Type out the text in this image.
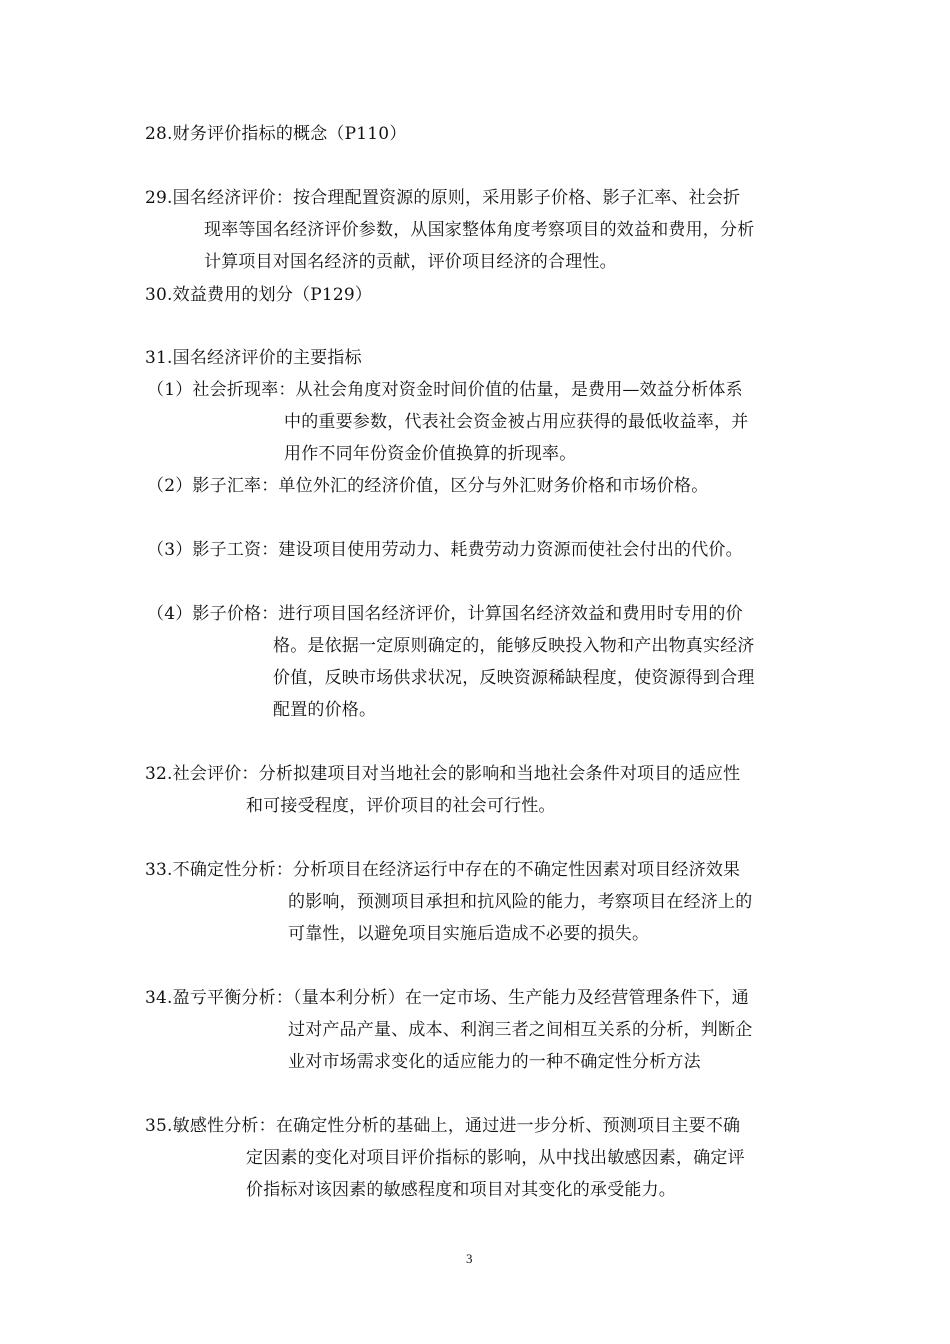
28.财务评价指标的概念（P110）
29.国名经济评价：按合理配置资源的原则，采用影子价格、影子汇率、社会折
现率等国名经济评价参数，从国家整体角度考察项目的效益和费用，分析
计算项目对国名经济的贡献，评价项目经济的合理性。
30.效益费用的划分（P129）
31.国名经济评价的主要指标
（1）社会折现率：从社会角度对资金时间价值的估量，是费用—效益分析体系
中的重要参数，代表社会资金被占用应获得的最低收益率，并
用作不同年份资金价值换算的折现率。
（2）影子汇率：单位外汇的经济价值，区分与外汇财务价格和市场价格。
（3）影子工资：建设项目使用劳动力、耗费劳动力资源而使社会付出的代价。
（4）影子价格：进行项目国名经济评价，计算国名经济效益和费用时专用的价
格。是依据一定原则确定的，能够反映投入物和产出物真实经济
价值，反映市场供求状况，反映资源稀缺程度，使资源得到合理
配置的价格。
32.社会评价：分析拟建项目对当地社会的影响和当地社会条件对项目的适应性
和可接受程度，评价项目的社会可行性。
33.不确定性分析：分析项目在经济运行中存在的不确定性因素对项目经济效果
的影响，预测项目承担和抗风险的能力，考察项目在经济上的
可靠性，以避免项目实施后造成不必要的损失。
34.盈亏平衡分析：（量本利分析）在一定市场、生产能力及经营管理条件下，通
过对产品产量、成本、利润三者之间相互关系的分析，判断企
业对市场需求变化的适应能力的一种不确定性分析方法
35.敏感性分析：在确定性分析的基础上，通过进一步分析、预测项目主要不确
定因素的变化对项目评价指标的影响，从中找出敏感因素，确定评
价指标对该因素的敏感程度和项目对其变化的承受能力。
3
